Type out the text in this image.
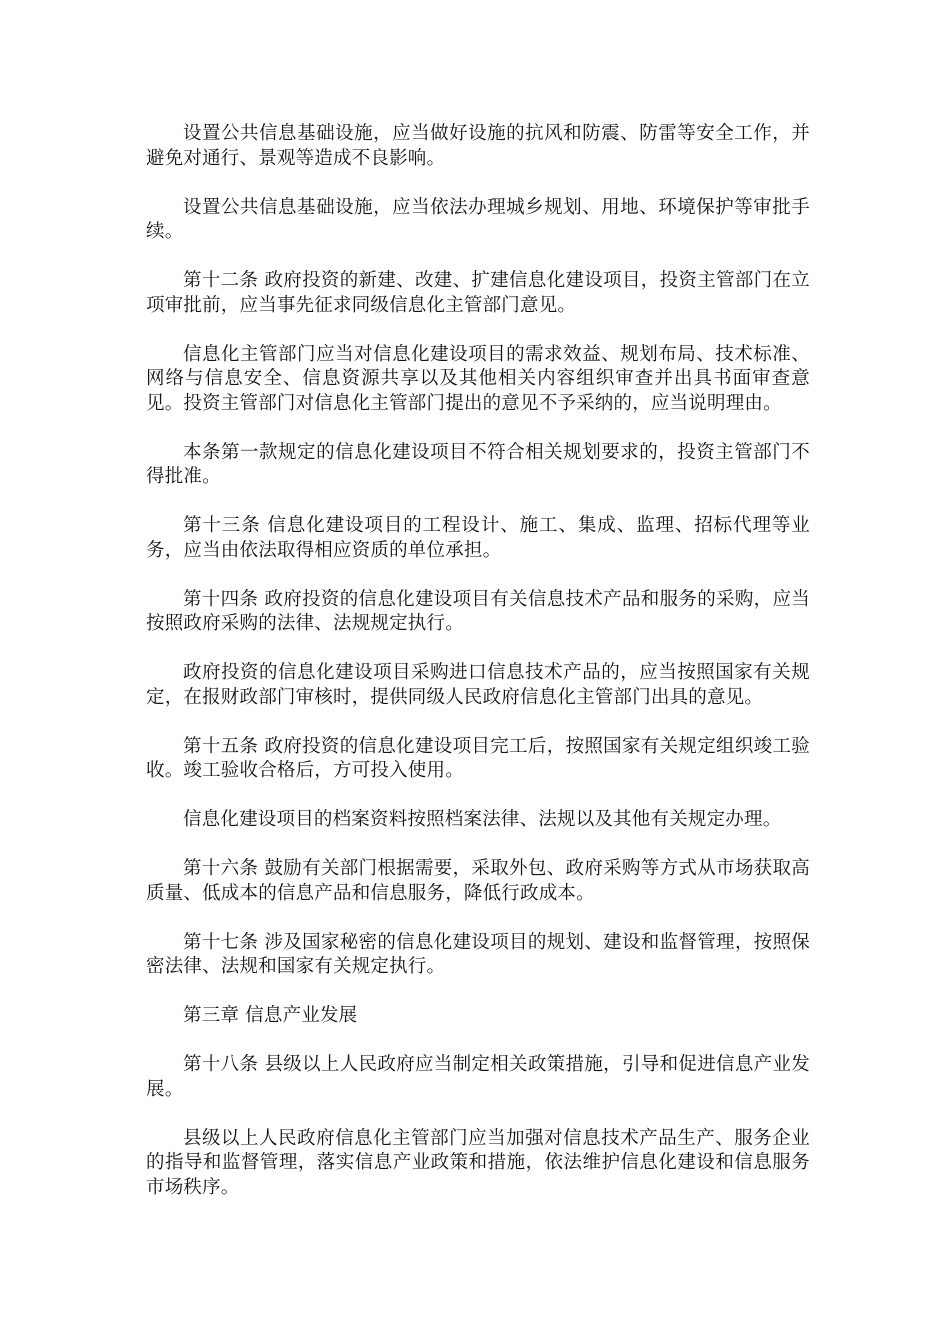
设置公共信息基础设施，应当做好设施的抗风和防震、防雷等安全工作，并避免对通行、景观等造成不良影响。

设置公共信息基础设施，应当依法办理城乡规划、用地、环境保护等审批手续。

第十二条 政府投资的新建、改建、扩建信息化建设项目，投资主管部门在立项审批前，应当事先征求同级信息化主管部门意见。

信息化主管部门应当对信息化建设项目的需求效益、规划布局、技术标准、网络与信息安全、信息资源共享以及其他相关内容组织审查并出具书面审查意见。投资主管部门对信息化主管部门提出的意见不予采纳的，应当说明理由。

本条第一款规定的信息化建设项目不符合相关规划要求的，投资主管部门不得批准。

第十三条 信息化建设项目的工程设计、施工、集成、监理、招标代理等业务，应当由依法取得相应资质的单位承担。

第十四条 政府投资的信息化建设项目有关信息技术产品和服务的采购，应当按照政府采购的法律、法规规定执行。

政府投资的信息化建设项目采购进口信息技术产品的，应当按照国家有关规定，在报财政部门审核时，提供同级人民政府信息化主管部门出具的意见。

第十五条 政府投资的信息化建设项目完工后，按照国家有关规定组织竣工验收。竣工验收合格后，方可投入使用。

信息化建设项目的档案资料按照档案法律、法规以及其他有关规定办理。

第十六条 鼓励有关部门根据需要，采取外包、政府采购等方式从市场获取高质量、低成本的信息产品和信息服务，降低行政成本。

第十七条 涉及国家秘密的信息化建设项目的规划、建设和监督管理，按照保密法律、法规和国家有关规定执行。

第三章 信息产业发展

第十八条 县级以上人民政府应当制定相关政策措施，引导和促进信息产业发展。

县级以上人民政府信息化主管部门应当加强对信息技术产品生产、服务企业的指导和监督管理，落实信息产业政策和措施，依法维护信息化建设和信息服务市场秩序。
